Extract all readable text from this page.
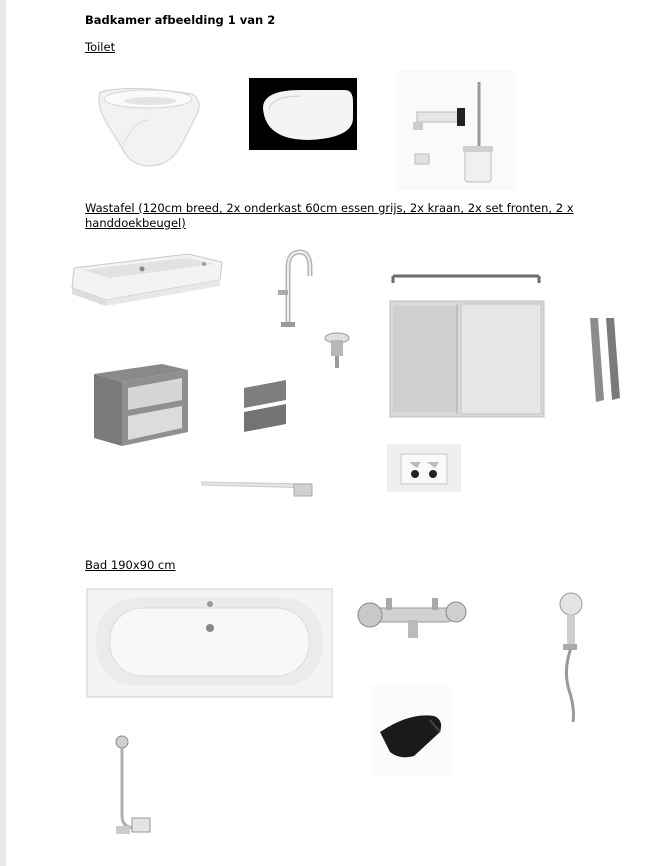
Badkamer afbeelding 1 van 2
Toilet
Wastafel (120cm breed, 2x onderkast 60cm essen grijs, 2x kraan, 2x set fronten, 2 x
handdoekbeugel)
Bad 190x90 cm
